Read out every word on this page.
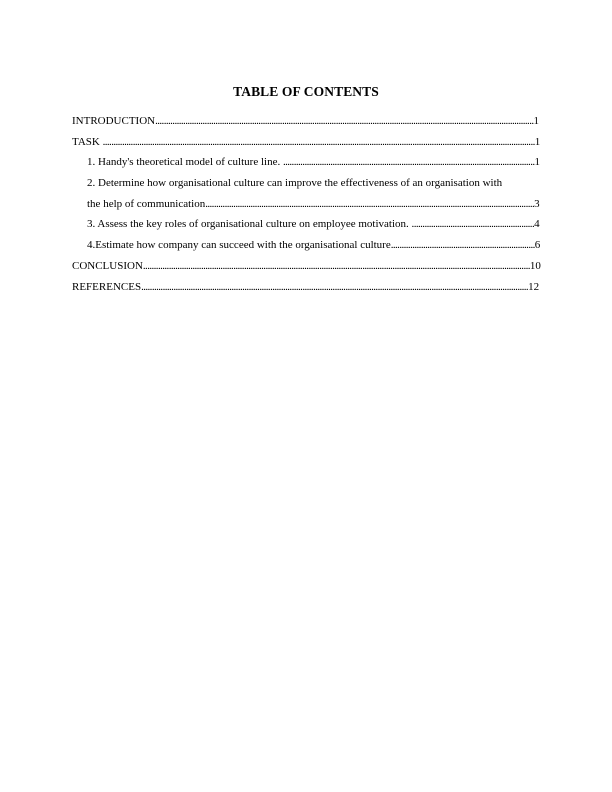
TABLE OF CONTENTS
INTRODUCTION................................................................................................................................................................................1
TASK .........................................................................................................................................................................................................1
1. Handy's theoretical model of culture line. .....................................................................................................................1
2. Determine how organisational culture can improve the effectiveness of an organisation with
the help of communication.........................................................................................................................................................3
3. Assess the key roles of organisational culture on employee motivation. .........................................................4
4.Estimate how company can succeed with the organisational culture...................................................................6
CONCLUSION....................................................................................................................................................................................10
REFERENCES....................................................................................................................................................................................12
